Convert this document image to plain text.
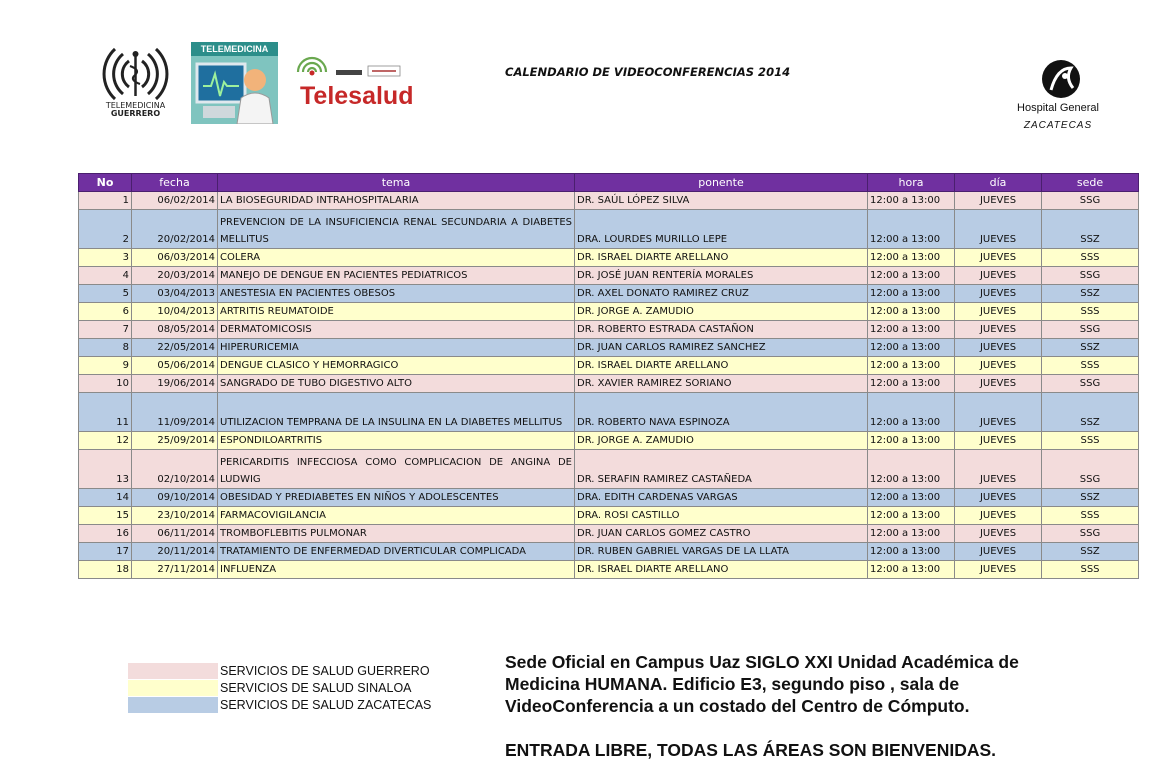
TELEMEDICINA
GUERRERO
TELEMEDICINA
Telesalud	Hospital General
ZACATECAS
CALENDARIO DE VIDEOCONFERENCIAS 2014
No	fecha	tema	ponente	hora	día	sede
1	06/02/2014	LA BIOSEGURIDAD INTRAHOSPITALARIA	DR. SAÚL LÓPEZ SILVA	12:00 a 13:00	JUEVES	SSG
2	20/02/2014	PREVENCION DE LA INSUFICIENCIA RENAL SECUNDARIA A DIABETES MELLITUS	DRA. LOURDES MURILLO LEPE	12:00 a 13:00	JUEVES	SSZ
3	06/03/2014	COLERA	DR. ISRAEL DIARTE ARELLANO	12:00 a 13:00	JUEVES	SSS
4	20/03/2014	MANEJO DE DENGUE EN PACIENTES PEDIATRICOS	DR. JOSÉ JUAN RENTERÍA MORALES	12:00 a 13:00	JUEVES	SSG
5	03/04/2013	ANESTESIA EN PACIENTES OBESOS	DR. AXEL DONATO RAMIREZ CRUZ	12:00 a 13:00	JUEVES	SSZ
6	10/04/2013	ARTRITIS REUMATOIDE	DR. JORGE A. ZAMUDIO	12:00 a 13:00	JUEVES	SSS
7	08/05/2014	DERMATOMICOSIS	DR. ROBERTO ESTRADA CASTAÑON	12:00 a 13:00	JUEVES	SSG
8	22/05/2014	HIPERURICEMIA	DR. JUAN CARLOS RAMIREZ SANCHEZ	12:00 a 13:00	JUEVES	SSZ
9	05/06/2014	DENGUE CLASICO Y HEMORRAGICO	DR. ISRAEL DIARTE ARELLANO	12:00 a 13:00	JUEVES	SSS
10	19/06/2014	SANGRADO DE TUBO DIGESTIVO ALTO	DR. XAVIER RAMIREZ SORIANO	12:00 a 13:00	JUEVES	SSG
11	11/09/2014	UTILIZACION TEMPRANA DE LA INSULINA EN LA DIABETES MELLITUS	DR. ROBERTO NAVA ESPINOZA	12:00 a 13:00	JUEVES	SSZ
12	25/09/2014	ESPONDILOARTRITIS	DR. JORGE A. ZAMUDIO	12:00 a 13:00	JUEVES	SSS
13	02/10/2014	PERICARDITIS INFECCIOSA COMO COMPLICACION DE ANGINA DE LUDWIG	DR. SERAFIN RAMIREZ CASTAÑEDA	12:00 a 13:00	JUEVES	SSG
14	09/10/2014	OBESIDAD Y PREDIABETES EN NIÑOS Y ADOLESCENTES	DRA. EDITH CARDENAS VARGAS	12:00 a 13:00	JUEVES	SSZ
15	23/10/2014	FARMACOVIGILANCIA	DRA. ROSI CASTILLO	12:00 a 13:00	JUEVES	SSS
16	06/11/2014	TROMBOFLEBITIS PULMONAR	DR. JUAN CARLOS GOMEZ CASTRO	12:00 a 13:00	JUEVES	SSG
17	20/11/2014	TRATAMIENTO DE ENFERMEDAD DIVERTICULAR COMPLICADA	DR. RUBEN GABRIEL VARGAS DE LA LLATA	12:00 a 13:00	JUEVES	SSZ
18	27/11/2014	INFLUENZA	DR. ISRAEL DIARTE ARELLANO	12:00 a 13:00	JUEVES	SSS
SERVICIOS DE SALUD GUERRERO
SERVICIOS DE SALUD SINALOA
SERVICIOS DE SALUD ZACATECAS

Sede Oficial en Campus Uaz SIGLO XXI Unidad Académica de Medicina HUMANA. Edificio E3, segundo piso , sala de VideoConferencia a un costado del Centro de Cómputo.

ENTRADA LIBRE, TODAS LAS ÁREAS SON BIENVENIDAS.
